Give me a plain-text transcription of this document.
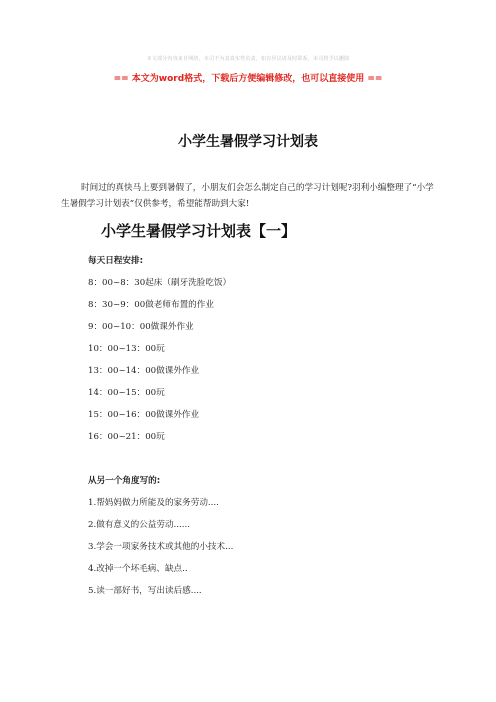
本文部分内容来自网络，本司不为其真实性负责，如有异议请及时联系，本司将予以删除
== 本文为word格式，下载后方便编辑修改，也可以直接使用 ==
小学生暑假学习计划表
时间过的真快马上要到暑假了，小朋友们会怎么制定自己的学习计划呢?羽利小编整理了“小学生暑假学习计划表”仅供参考，希望能帮助到大家!
小学生暑假学习计划表【一】
每天日程安排:
8：00~8：30起床（刷牙洗脸吃饭）
8：30~9：00做老师布置的作业
9：00~10：00做课外作业
10：00~13：00玩
13：00~14：00做课外作业
14：00~15：00玩
15：00~16：00做课外作业
16：00~21：00玩
从另一个角度写的:
1.帮妈妈做力所能及的家务劳动....
2.做有意义的公益劳动......
3.学会一项家务技术或其他的小技术...
4.改掉一个坏毛病、缺点..
5.读一部好书，写出读后感....
